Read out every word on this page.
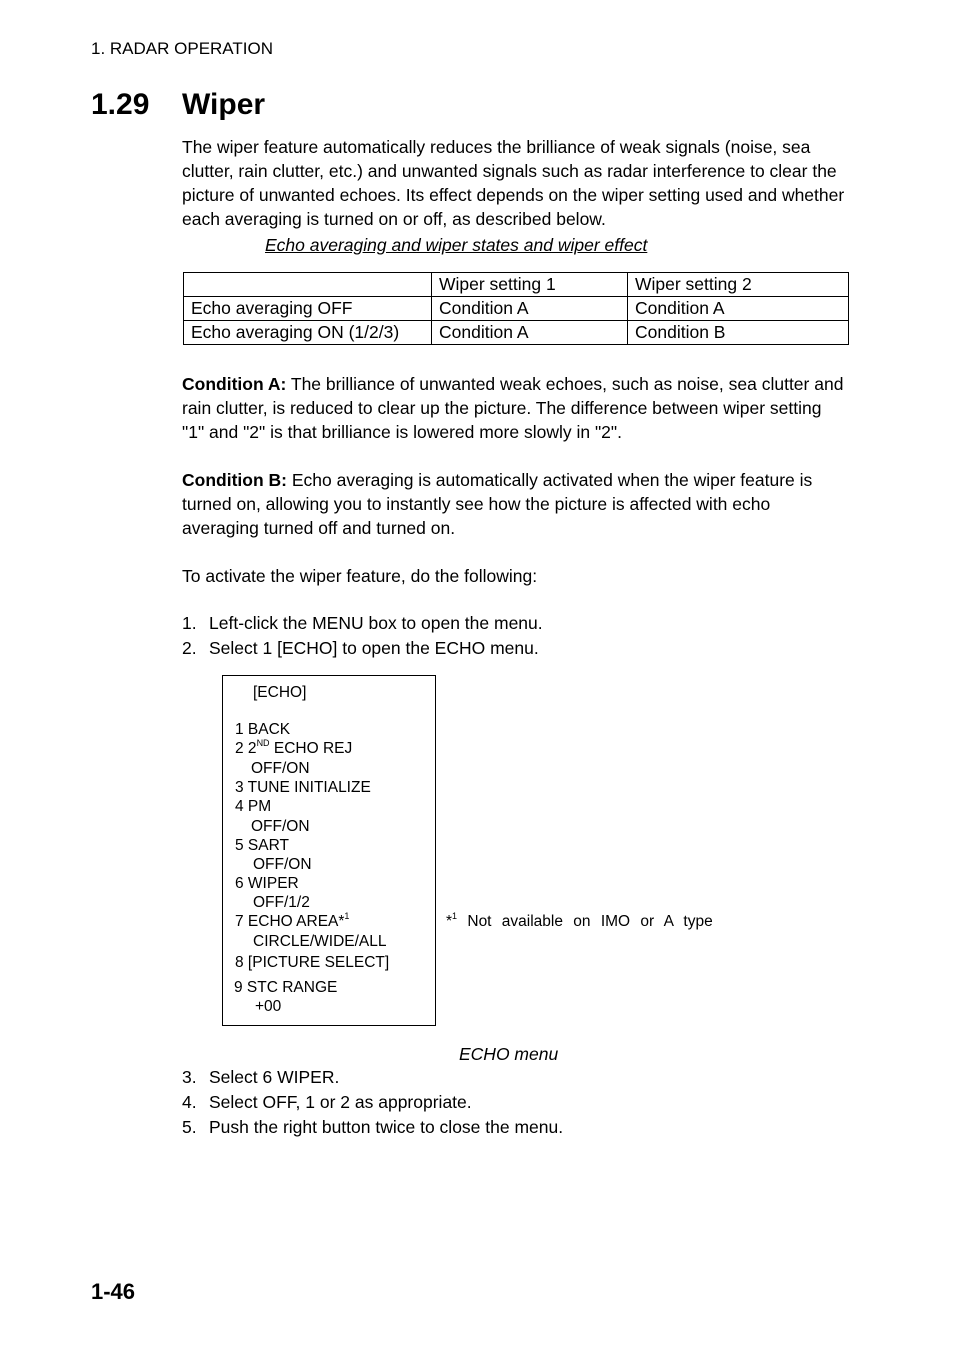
1. RADAR OPERATION
1.29 Wiper
The wiper feature automatically reduces the brilliance of weak signals (noise, sea clutter, rain clutter, etc.) and unwanted signals such as radar interference to clear the picture of unwanted echoes. Its effect depends on the wiper setting used and whether each averaging is turned on or off, as described below.
Echo averaging and wiper states and wiper effect
	Wiper setting 1	Wiper setting 2
Echo averaging OFF	Condition A	Condition A
Echo averaging ON (1/2/3)	Condition A	Condition B
Condition A: The brilliance of unwanted weak echoes, such as noise, sea clutter and rain clutter, is reduced to clear up the picture. The difference between wiper setting "1" and "2" is that brilliance is lowered more slowly in "2".
Condition B: Echo averaging is automatically activated when the wiper feature is turned on, allowing you to instantly see how the picture is affected with echo averaging turned off and turned on.
To activate the wiper feature, do the following:
1. Left-click the MENU box to open the menu.
2. Select 1 [ECHO] to open the ECHO menu.
[ECHO]
1 BACK
2 2ND ECHO REJ
OFF/ON
3 TUNE INITIALIZE
4 PM
OFF/ON
5 SART
OFF/ON
6 WIPER
OFF/1/2
7 ECHO AREA*$^1$
CIRCLE/WIDE/ALL
8 [PICTURE SELECT]
9 STC RANGE
+00
*$^1$ Not available on IMO or A type
ECHO menu
3. Select 6 WIPER.
4. Select OFF, 1 or 2 as appropriate.
5. Push the right button twice to close the menu.
1-46
